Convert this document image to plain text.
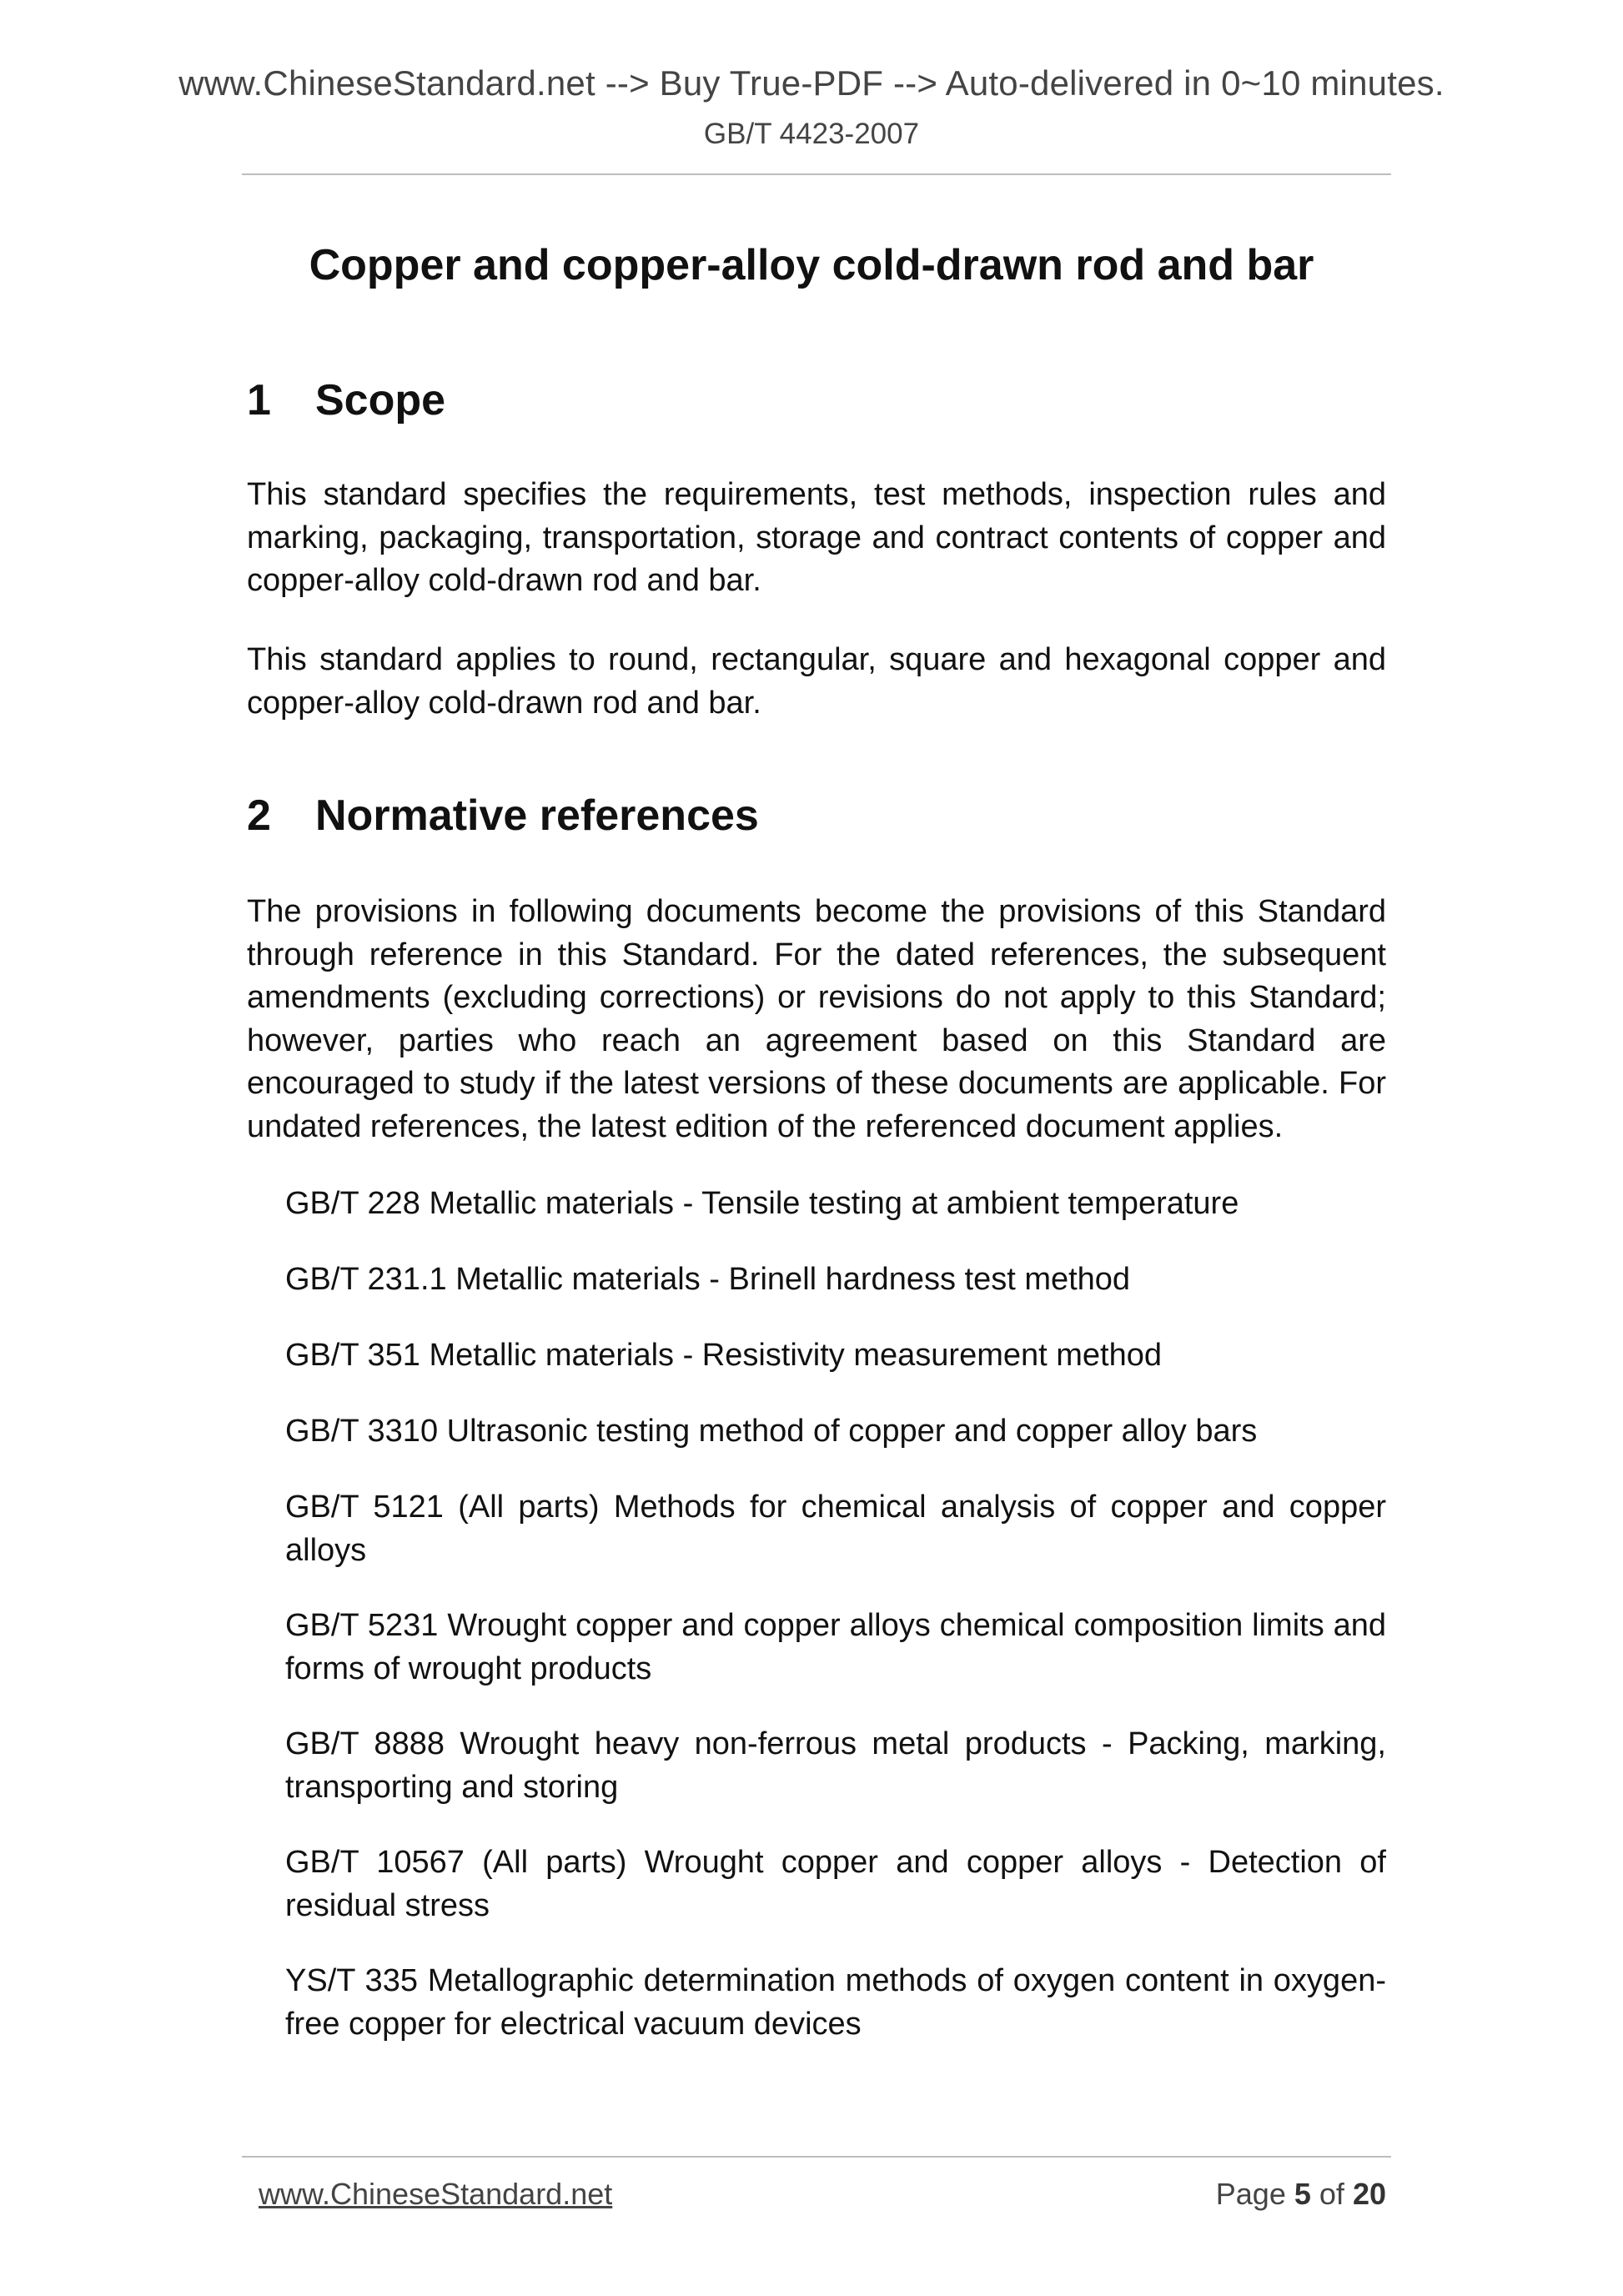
www.ChineseStandard.net --> Buy True-PDF --> Auto-delivered in 0~10 minutes.
GB/T 4423-2007
Copper and copper-alloy cold-drawn rod and bar
1 Scope
This standard specifies the requirements, test methods, inspection rules and marking, packaging, transportation, storage and contract contents of copper and copper-alloy cold-drawn rod and bar.
This standard applies to round, rectangular, square and hexagonal copper and copper-alloy cold-drawn rod and bar.
2 Normative references
The provisions in following documents become the provisions of this Standard through reference in this Standard. For the dated references, the subsequent amendments (excluding corrections) or revisions do not apply to this Standard; however, parties who reach an agreement based on this Standard are encouraged to study if the latest versions of these documents are applicable. For undated references, the latest edition of the referenced document applies.
GB/T 228 Metallic materials - Tensile testing at ambient temperature
GB/T 231.1 Metallic materials - Brinell hardness test method
GB/T 351 Metallic materials - Resistivity measurement method
GB/T 3310 Ultrasonic testing method of copper and copper alloy bars
GB/T 5121 (All parts) Methods for chemical analysis of copper and copper alloys
GB/T 5231 Wrought copper and copper alloys chemical composition limits and forms of wrought products
GB/T 8888 Wrought heavy non-ferrous metal products - Packing, marking, transporting and storing
GB/T 10567 (All parts) Wrought copper and copper alloys - Detection of residual stress
YS/T 335 Metallographic determination methods of oxygen content in oxygen-free copper for electrical vacuum devices
www.ChineseStandard.net	Page 5 of 20
